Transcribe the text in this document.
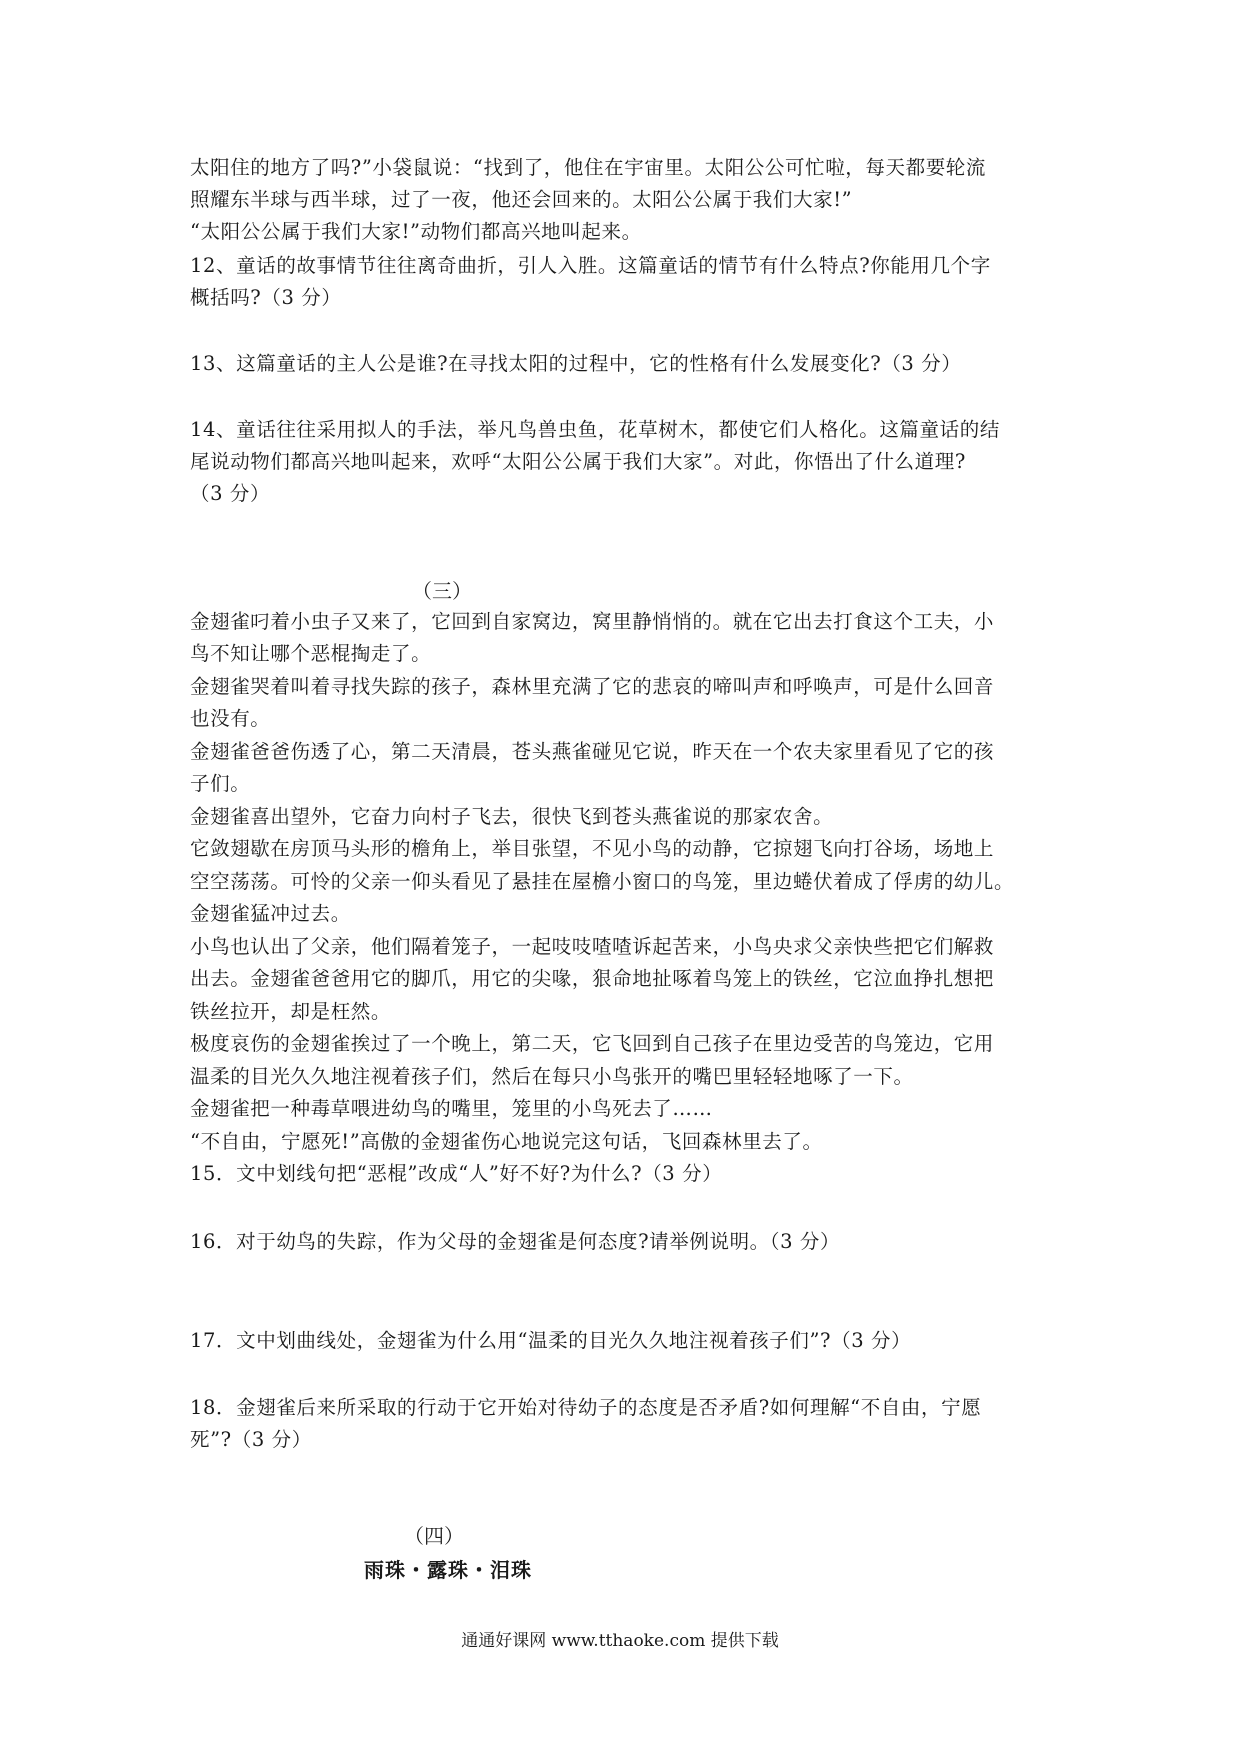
太阳住的地方了吗?”小袋鼠说：“找到了，他住在宇宙里。太阳公公可忙啦，每天都要轮流
照耀东半球与西半球，过了一夜，他还会回来的。太阳公公属于我们大家!”
“太阳公公属于我们大家!”动物们都高兴地叫起来。
12、童话的故事情节往往离奇曲折，引人入胜。这篇童话的情节有什么特点?你能用几个字
概括吗?（3 分）
13、这篇童话的主人公是谁?在寻找太阳的过程中，它的性格有什么发展变化?（3 分）
14、童话往往采用拟人的手法，举凡鸟兽虫鱼，花草树木，都使它们人格化。这篇童话的结
尾说动物们都高兴地叫起来，欢呼“太阳公公属于我们大家”。对此，你悟出了什么道理?
（3 分）
（三）
金翅雀叼着小虫子又来了，它回到自家窝边，窝里静悄悄的。就在它出去打食这个工夫，小
鸟不知让哪个恶棍掏走了。
金翅雀哭着叫着寻找失踪的孩子，森林里充满了它的悲哀的啼叫声和呼唤声，可是什么回音
也没有。
金翅雀爸爸伤透了心，第二天清晨，苍头燕雀碰见它说，昨天在一个农夫家里看见了它的孩
子们。
金翅雀喜出望外，它奋力向村子飞去，很快飞到苍头燕雀说的那家农舍。
它敛翅歇在房顶马头形的檐角上，举目张望，不见小鸟的动静，它掠翅飞向打谷场，场地上
空空荡荡。可怜的父亲一仰头看见了悬挂在屋檐小窗口的鸟笼，里边蜷伏着成了俘虏的幼儿。
金翅雀猛冲过去。
小鸟也认出了父亲，他们隔着笼子，一起吱吱喳喳诉起苦来，小鸟央求父亲快些把它们解救
出去。金翅雀爸爸用它的脚爪，用它的尖喙，狠命地扯啄着鸟笼上的铁丝，它泣血挣扎想把
铁丝拉开，却是枉然。
极度哀伤的金翅雀挨过了一个晚上，第二天，它飞回到自己孩子在里边受苦的鸟笼边，它用
温柔的目光久久地注视着孩子们，然后在每只小鸟张开的嘴巴里轻轻地啄了一下。
金翅雀把一种毒草喂进幼鸟的嘴里，笼里的小鸟死去了……
“不自由，宁愿死!”高傲的金翅雀伤心地说完这句话，飞回森林里去了。
15．文中划线句把“恶棍”改成“人”好不好?为什么?（3 分）
16．对于幼鸟的失踪，作为父母的金翅雀是何态度?请举例说明。（3 分）
17．文中划曲线处，金翅雀为什么用“温柔的目光久久地注视着孩子们”?（3 分）
18．金翅雀后来所采取的行动于它开始对待幼子的态度是否矛盾?如何理解“不自由，宁愿
死”?（3 分）
（四）
雨珠・露珠・泪珠
通通好课网 www.tthaoke.com 提供下载
